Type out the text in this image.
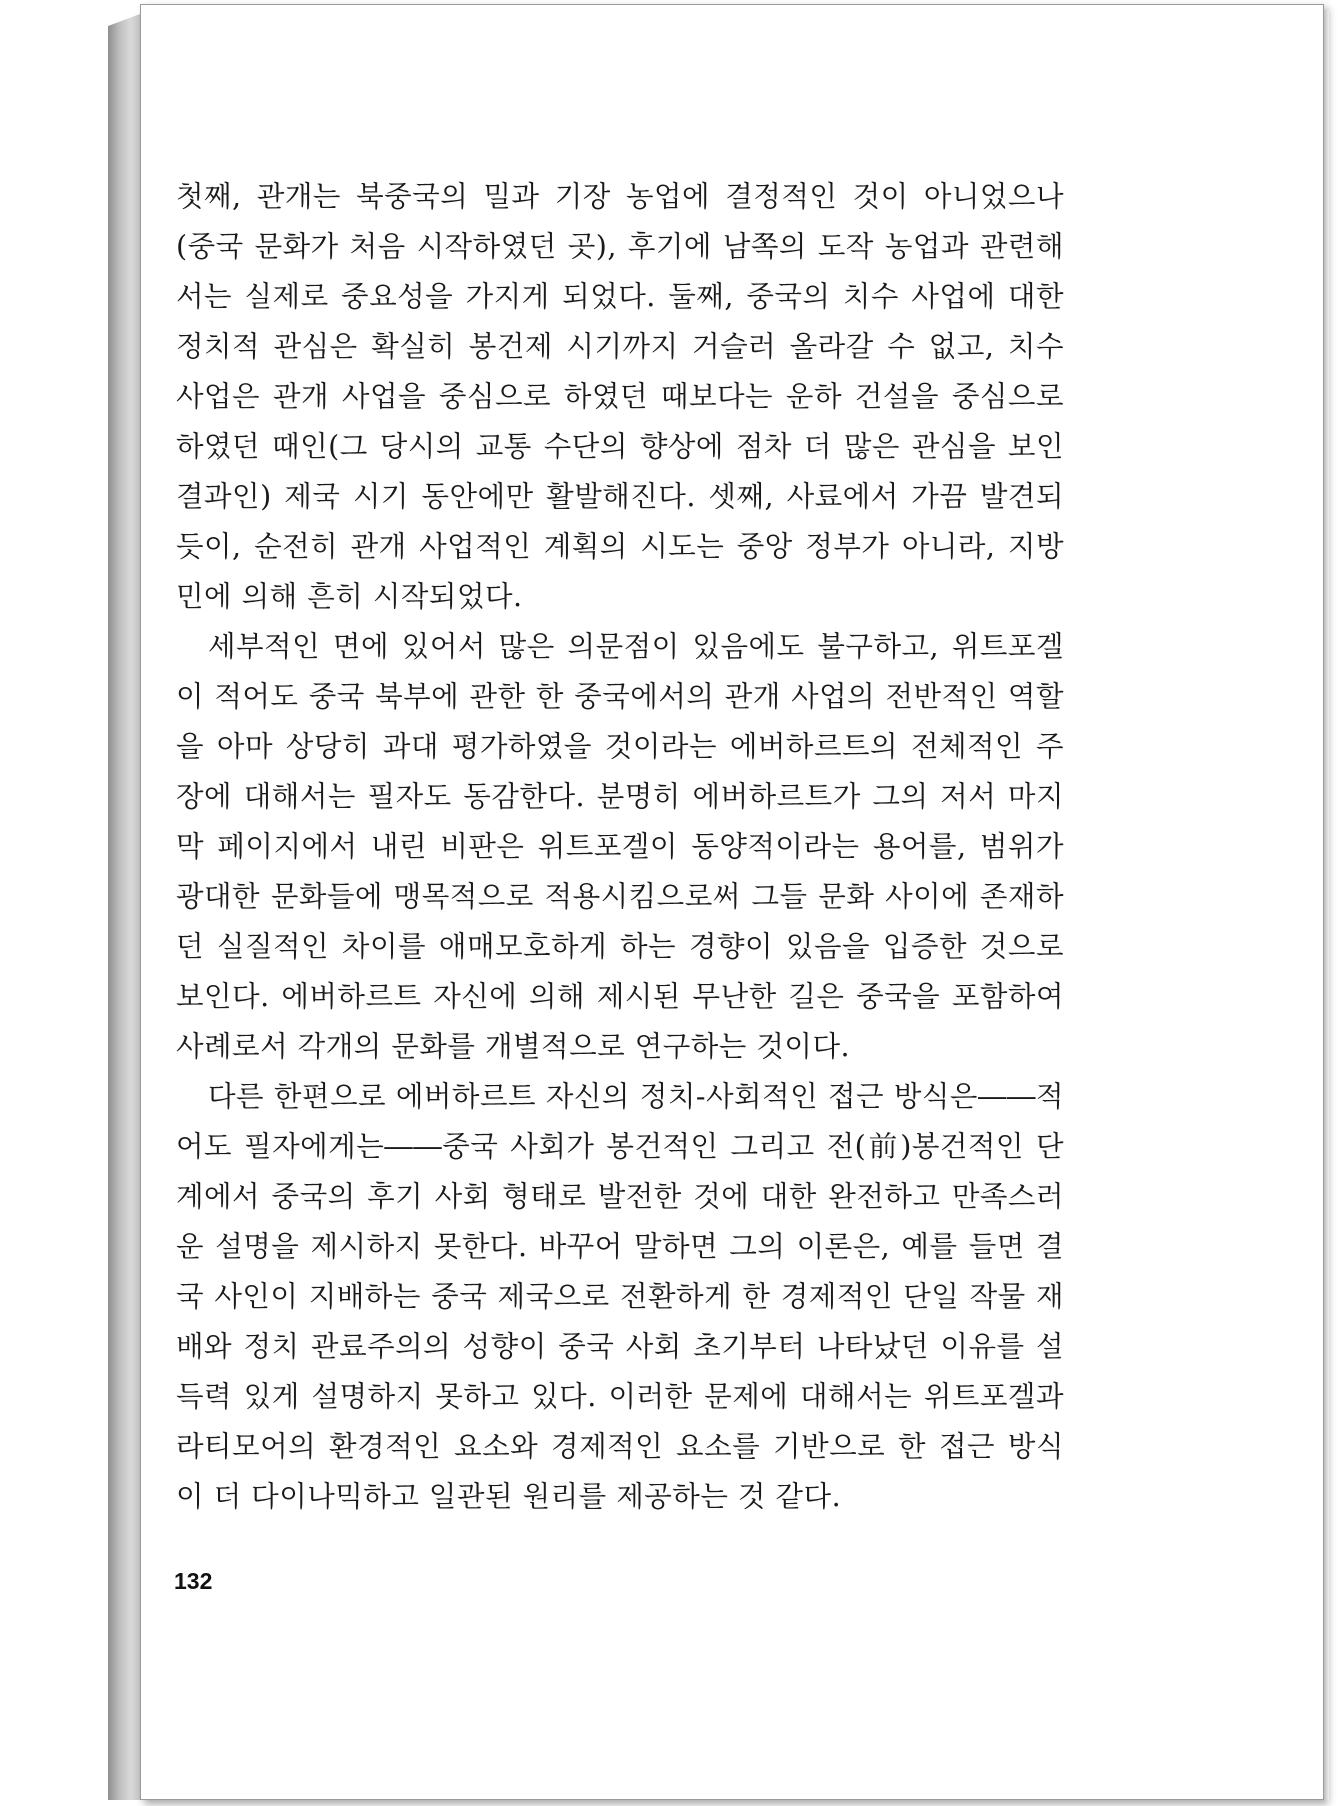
첫째, 관개는 북중국의 밀과 기장 농업에 결정적인 것이 아니었으나 (중국 문화가 처음 시작하였던 곳), 후기에 남쪽의 도작 농업과 관련해서는 실제로 중요성을 가지게 되었다. 둘째, 중국의 치수 사업에 대한 정치적 관심은 확실히 봉건제 시기까지 거슬러 올라갈 수 없고, 치수 사업은 관개 사업을 중심으로 하였던 때보다는 운하 건설을 중심으로 하였던 때인(그 당시의 교통 수단의 향상에 점차 더 많은 관심을 보인 결과인) 제국 시기 동안에만 활발해진다. 셋째, 사료에서 가끔 발견되듯이, 순전히 관개 사업적인 계획의 시도는 중앙 정부가 아니라, 지방민에 의해 흔히 시작되었다.

세부적인 면에 있어서 많은 의문점이 있음에도 불구하고, 위트포겔이 적어도 중국 북부에 관한 한 중국에서의 관개 사업의 전반적인 역할을 아마 상당히 과대 평가하였을 것이라는 에버하르트의 전체적인 주장에 대해서는 필자도 동감한다. 분명히 에버하르트가 그의 저서 마지막 페이지에서 내린 비판은 위트포겔이 동양적이라는 용어를, 범위가 광대한 문화들에 맹목적으로 적용시킴으로써 그들 문화 사이에 존재하던 실질적인 차이를 애매모호하게 하는 경향이 있음을 입증한 것으로 보인다. 에버하르트 자신에 의해 제시된 무난한 길은 중국을 포함하여 사례로서 각개의 문화를 개별적으로 연구하는 것이다.

다른 한편으로 에버하르트 자신의 정치-사회적인 접근 방식은――적어도 필자에게는――중국 사회가 봉건적인 그리고 전(前)봉건적인 단계에서 중국의 후기 사회 형태로 발전한 것에 대한 완전하고 만족스러운 설명을 제시하지 못한다. 바꾸어 말하면 그의 이론은, 예를 들면 결국 사인이 지배하는 중국 제국으로 전환하게 한 경제적인 단일 작물 재배와 정치 관료주의의 성향이 중국 사회 초기부터 나타났던 이유를 설득력 있게 설명하지 못하고 있다. 이러한 문제에 대해서는 위트포겔과 라티모어의 환경적인 요소와 경제적인 요소를 기반으로 한 접근 방식이 더 다이나믹하고 일관된 원리를 제공하는 것 같다.

132
